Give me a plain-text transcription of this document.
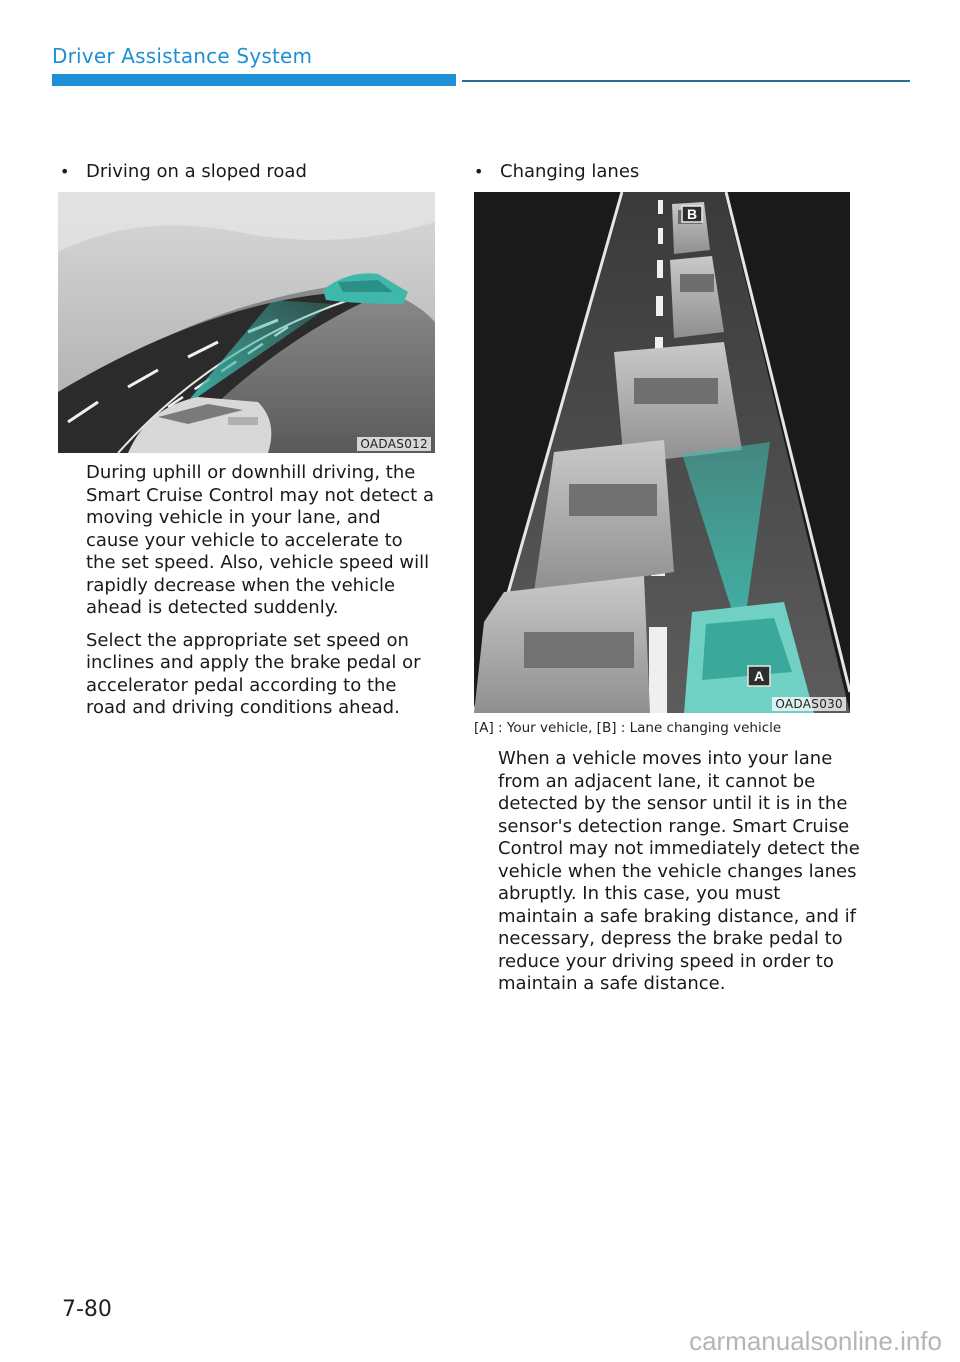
Driver Assistance System
• Driving on a sloped road
OADAS012

During uphill or downhill driving, the Smart Cruise Control may not detect a moving vehicle in your lane, and cause your vehicle to accelerate to the set speed. Also, vehicle speed will rapidly decrease when the vehicle ahead is detected suddenly.

Select the appropriate set speed on inclines and apply the brake pedal or accelerator pedal according to the road and driving conditions ahead.

• Changing lanes
B
A
OADAS030
[A] : Your vehicle, [B] : Lane changing vehicle

When a vehicle moves into your lane from an adjacent lane, it cannot be detected by the sensor until it is in the sensor's detection range. Smart Cruise Control may not immediately detect the vehicle when the vehicle changes lanes abruptly. In this case, you must maintain a safe braking distance, and if necessary, depress the brake pedal to reduce your driving speed in order to maintain a safe distance.

7-80
carmanualsonline.info
